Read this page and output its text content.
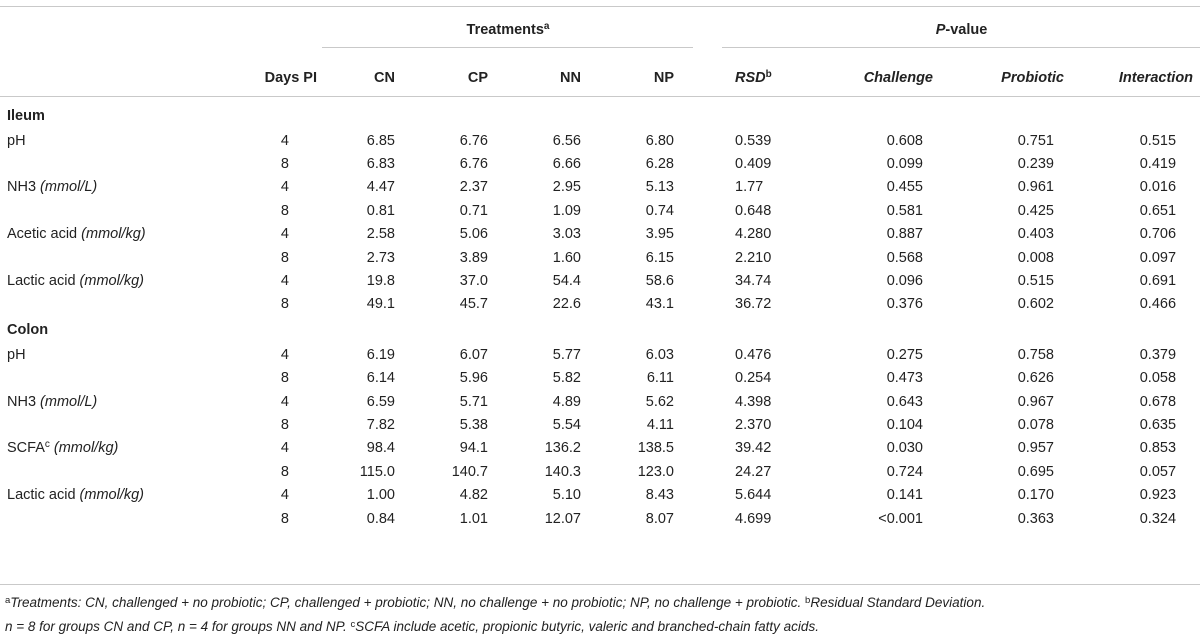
		Treatments$^a$					P-value			
	Days PI	CN	CP	NN	NP		RSD$^b$	Challenge	Probiotic	Interaction
Ileum										
pH	4	6.85	6.76	6.56	6.80		0.539	0.608	0.751	0.515
	8	6.83	6.76	6.66	6.28		0.409	0.099	0.239	0.419
NH3 (mmol/L)	4	4.47	2.37	2.95	5.13		1.77	0.455	0.961	0.016
	8	0.81	0.71	1.09	0.74		0.648	0.581	0.425	0.651
Acetic acid (mmol/kg)	4	2.58	5.06	3.03	3.95		4.280	0.887	0.403	0.706
	8	2.73	3.89	1.60	6.15		2.210	0.568	0.008	0.097
Lactic acid (mmol/kg)	4	19.8	37.0	54.4	58.6		34.74	0.096	0.515	0.691
	8	49.1	45.7	22.6	43.1		36.72	0.376	0.602	0.466
Colon										
pH	4	6.19	6.07	5.77	6.03		0.476	0.275	0.758	0.379
	8	6.14	5.96	5.82	6.11		0.254	0.473	0.626	0.058
NH3 (mmol/L)	4	6.59	5.71	4.89	5.62		4.398	0.643	0.967	0.678
	8	7.82	5.38	5.54	4.11		2.370	0.104	0.078	0.635
SCFA$^c$ (mmol/kg)	4	98.4	94.1	136.2	138.5		39.42	0.030	0.957	0.853
	8	115.0	140.7	140.3	123.0		24.27	0.724	0.695	0.057
Lactic acid (mmol/kg)	4	1.00	4.82	5.10	8.43		5.644	0.141	0.170	0.923
	8	0.84	1.01	12.07	8.07		4.699	<0.001	0.363	0.324
$^a$Treatments: CN, challenged + no probiotic; CP, challenged + probiotic; NN, no challenge + no probiotic; NP, no challenge + probiotic. $^b$Residual Standard Deviation.
n = 8 for groups CN and CP, n = 4 for groups NN and NP. $^c$SCFA include acetic, propionic butyric, valeric and branched-chain fatty acids.
